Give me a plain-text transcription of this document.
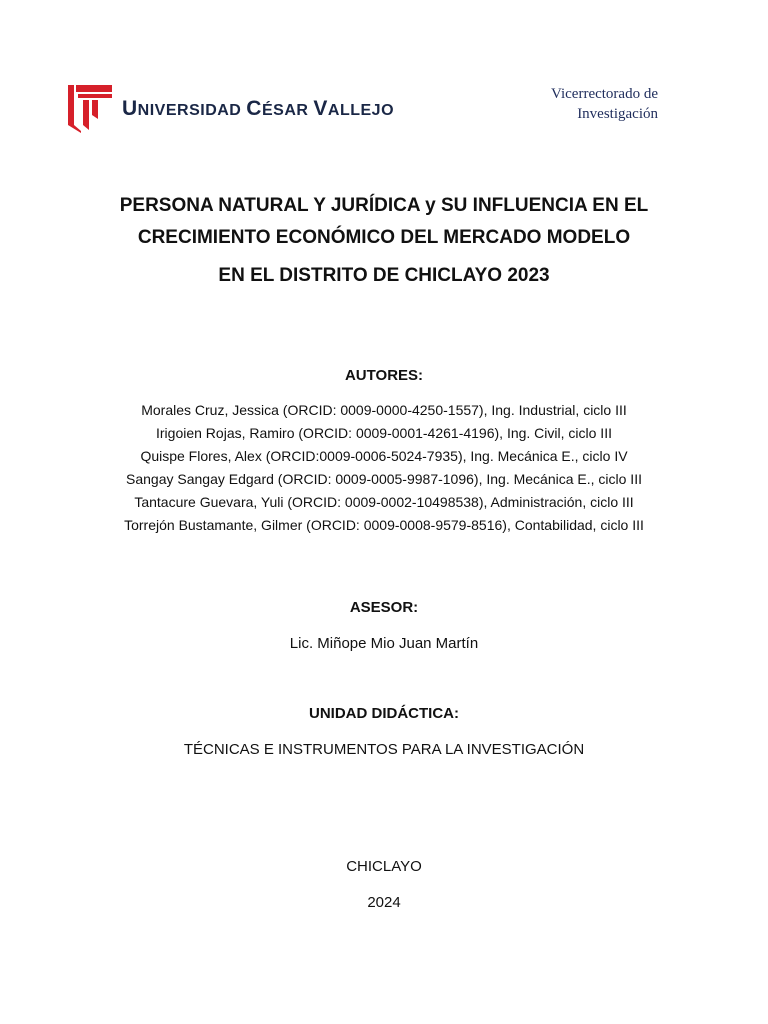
UNIVERSIDAD CÉSAR VALLEJO
Vicerrectorado de
Investigación
PERSONA NATURAL Y JURÍDICA y SU INFLUENCIA EN EL
CRECIMIENTO ECONÓMICO DEL MERCADO MODELO
EN EL DISTRITO DE CHICLAYO 2023
AUTORES:
Morales Cruz, Jessica (ORCID: 0009-0000-4250-1557), Ing. Industrial, ciclo III
Irigoien Rojas, Ramiro (ORCID: 0009-0001-4261-4196), Ing. Civil, ciclo III
Quispe Flores, Alex (ORCID:0009-0006-5024-7935), Ing. Mecánica E., ciclo IV
Sangay Sangay Edgard (ORCID: 0009-0005-9987-1096), Ing. Mecánica E., ciclo III
Tantacure Guevara, Yuli (ORCID: 0009-0002-10498538), Administración, ciclo III
Torrejón Bustamante, Gilmer (ORCID: 0009-0008-9579-8516), Contabilidad, ciclo III
ASESOR:
Lic. Miñope Mio Juan Martín
UNIDAD DIDÁCTICA:
TÉCNICAS E INSTRUMENTOS PARA LA INVESTIGACIÓN
CHICLAYO
2024
